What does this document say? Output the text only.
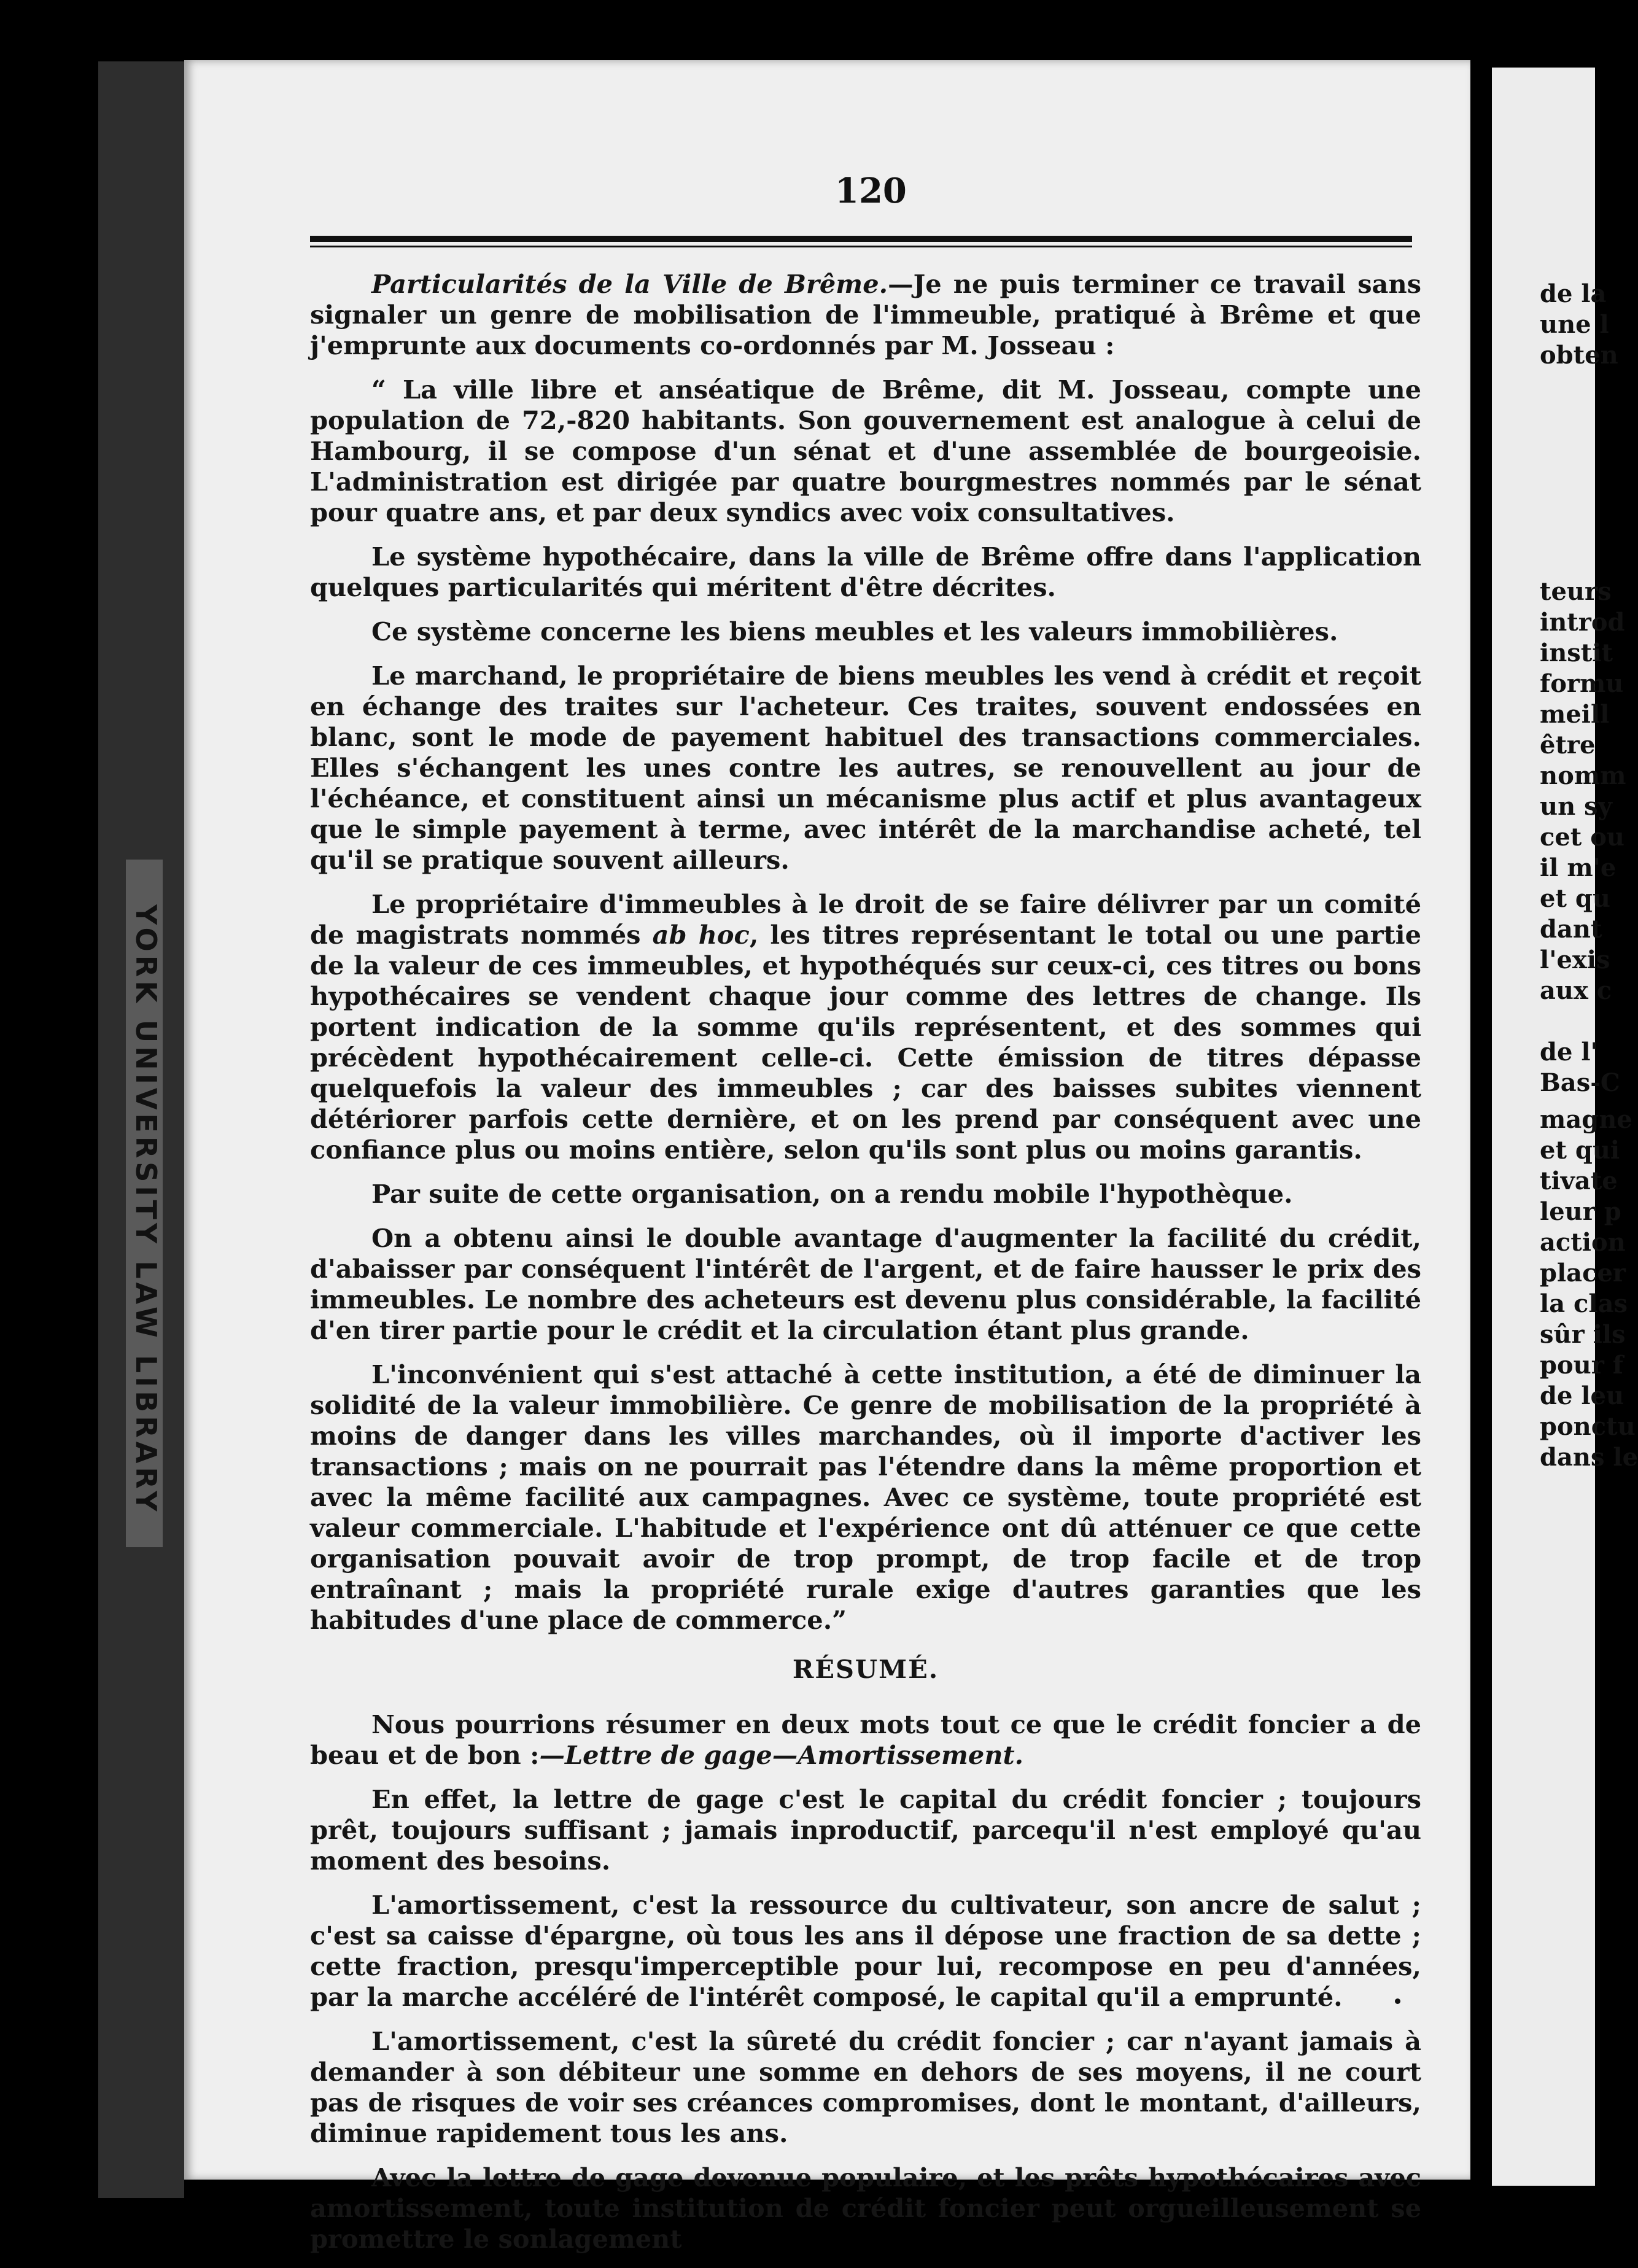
YORK UNIVERSITY LAW LIBRARY
de la
une l
obten
teurs
introd
instit
formu
meill
être
nomm
un sy
cet ou
il m'e
et qu
dant
l'exis
aux c
de l'
Bas-C
magne
et qui
tivate
leur p
action
placer
la clas
sûr ils
pour f
de leu
ponctu
dans le
120

Particularités de la Ville de Brême.—Je ne puis terminer ce travail sans signaler un genre de mobilisation de l'immeuble, pratiqué à Brême et que j'emprunte aux documents co-ordonnés par M. Josseau :

“ La ville libre et anséatique de Brême, dit M. Josseau, compte une population de 72,-820 habitants. Son gouvernement est analogue à celui de Hambourg, il se compose d'un sénat et d'une assemblée de bourgeoisie. L'administration est dirigée par quatre bourgmestres nommés par le sénat pour quatre ans, et par deux syndics avec voix consultatives.

Le système hypothécaire, dans la ville de Brême offre dans l'application quelques particularités qui méritent d'être décrites.

Ce système concerne les biens meubles et les valeurs immobilières.

Le marchand, le propriétaire de biens meubles les vend à crédit et reçoit en échange des traites sur l'acheteur. Ces traites, souvent endossées en blanc, sont le mode de payement habituel des transactions commerciales. Elles s'échangent les unes contre les autres, se renouvellent au jour de l'échéance, et constituent ainsi un mécanisme plus actif et plus avantageux que le simple payement à terme, avec intérêt de la marchandise acheté, tel qu'il se pratique souvent ailleurs.

Le propriétaire d'immeubles à le droit de se faire délivrer par un comité de magistrats nommés ab hoc, les titres représentant le total ou une partie de la valeur de ces immeubles, et hypothéqués sur ceux-ci, ces titres ou bons hypothécaires se vendent chaque jour comme des lettres de change. Ils portent indication de la somme qu'ils représentent, et des sommes qui précèdent hypothécairement celle-ci. Cette émission de titres dépasse quelquefois la valeur des immeubles ; car des baisses subites viennent détériorer parfois cette dernière, et on les prend par conséquent avec une confiance plus ou moins entière, selon qu'ils sont plus ou moins garantis.

Par suite de cette organisation, on a rendu mobile l'hypothèque.

On a obtenu ainsi le double avantage d'augmenter la facilité du crédit, d'abaisser par conséquent l'intérêt de l'argent, et de faire hausser le prix des immeubles. Le nombre des acheteurs est devenu plus considérable, la facilité d'en tirer partie pour le crédit et la circulation étant plus grande.

L'inconvénient qui s'est attaché à cette institution, a été de diminuer la solidité de la valeur immobilière. Ce genre de mobilisation de la propriété à moins de danger dans les villes marchandes, où il importe d'activer les transactions ; mais on ne pourrait pas l'étendre dans la même proportion et avec la même facilité aux campagnes. Avec ce système, toute propriété est valeur commerciale. L'habitude et l'expérience ont dû atténuer ce que cette organisation pouvait avoir de trop prompt, de trop facile et de trop entraînant ; mais la propriété rurale exige d'autres garanties que les habitudes d'une place de commerce.”

RÉSUMÉ.

Nous pourrions résumer en deux mots tout ce que le crédit foncier a de beau et de bon :—Lettre de gage—Amortissement.

En effet, la lettre de gage c'est le capital du crédit foncier ; toujours prêt, toujours suffisant ; jamais inproductif, parcequ'il n'est employé qu'au moment des besoins.

L'amortissement, c'est la ressource du cultivateur, son ancre de salut ; c'est sa caisse d'épargne, où tous les ans il dépose une fraction de sa dette ; cette fraction, presqu'imperceptible pour lui, recompose en peu d'années, par la marche accéléré de l'intérêt composé, le capital qu'il a emprunté.

L'amortissement, c'est la sûreté du crédit foncier ; car n'ayant jamais à demander à son débiteur une somme en dehors de ses moyens, il ne court pas de risques de voir ses créances compromises, dont le montant, d'ailleurs, diminue rapidement tous les ans.

Avec la lettre de gage devenue populaire, et les prêts hypothécaires avec amortissement, toute institution de crédit foncier peut orgueilleusement se promettre le sonlagement
